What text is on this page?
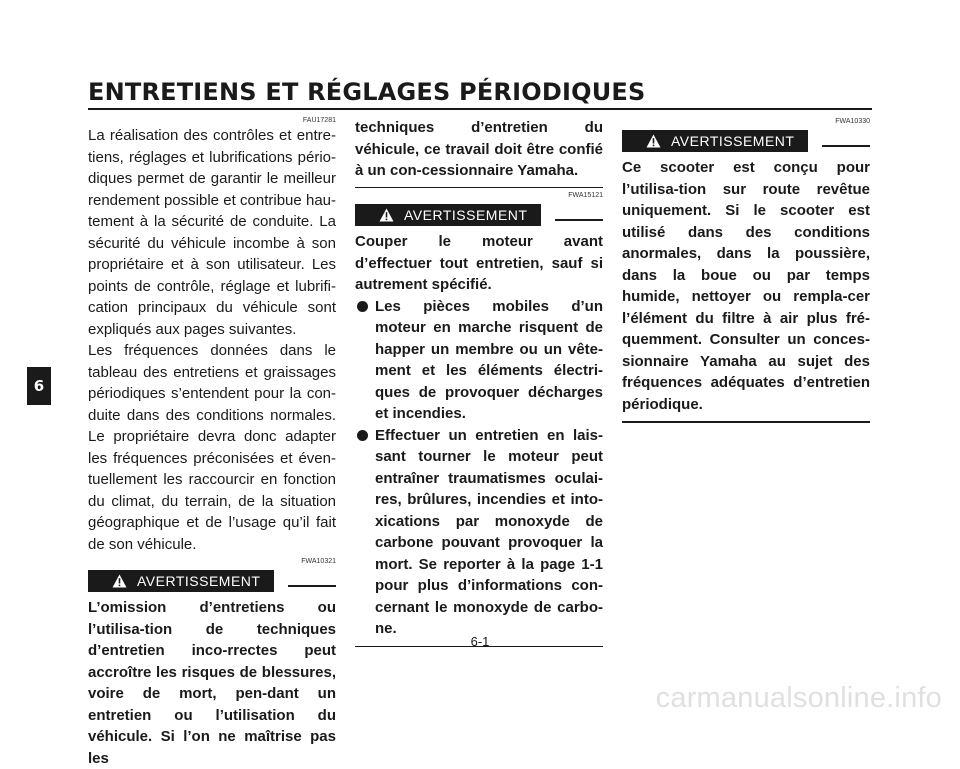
ENTRETIENS ET RÉGLAGES PÉRIODIQUES
6
FAU17281

La réalisation des contrôles et entre-tiens, réglages et lubrifications pério-diques permet de garantir le meilleur rendement possible et contribue hau-tement à la sécurité de conduite. La sécurité du véhicule incombe à son propriétaire et à son utilisateur. Les points de contrôle, réglage et lubrifi-cation principaux du véhicule sont expliqués aux pages suivantes.

Les fréquences données dans le tableau des entretiens et graissages périodiques s’entendent pour la con-duite dans des conditions normales. Le propriétaire devra donc adapter les fréquences préconisées et éven-tuellement les raccourcir en fonction du climat, du terrain, de la situation géographique et de l’usage qu’il fait de son véhicule.

FWA10321
AVERTISSEMENT

L’omission d’entretiens ou l’utilisa-tion de techniques d’entretien inco-rrectes peut accroître les risques de blessures, voire de mort, pen-dant un entretien ou l’utilisation du véhicule. Si l’on ne maîtrise pas les

techniques d’entretien du véhicule, ce travail doit être confié à un con-cessionnaire Yamaha.

FWA15121
AVERTISSEMENT

Couper le moteur avant d’effectuer tout entretien, sauf si autrement spécifié.

Les pièces mobiles d’un moteur en marche risquent de happer un membre ou un vête-ment et les éléments électri-ques de provoquer décharges et incendies.
Effectuer un entretien en lais-sant tourner le moteur peut entraîner traumatismes oculai-res, brûlures, incendies et into-xications par monoxyde de carbone pouvant provoquer la mort. Se reporter à la page 1-1 pour plus d’informations con-cernant le monoxyde de carbo-ne.
FWA10330
AVERTISSEMENT

Ce scooter est conçu pour l’utilisa-tion sur route revêtue uniquement. Si le scooter est utilisé dans des conditions anormales, dans la poussière, dans la boue ou par temps humide, nettoyer ou rempla-cer l’élément du filtre à air plus fré-quemment. Consulter un conces-sionnaire Yamaha au sujet des fréquences adéquates d’entretien périodique.

6-1
carmanualsonline.info
